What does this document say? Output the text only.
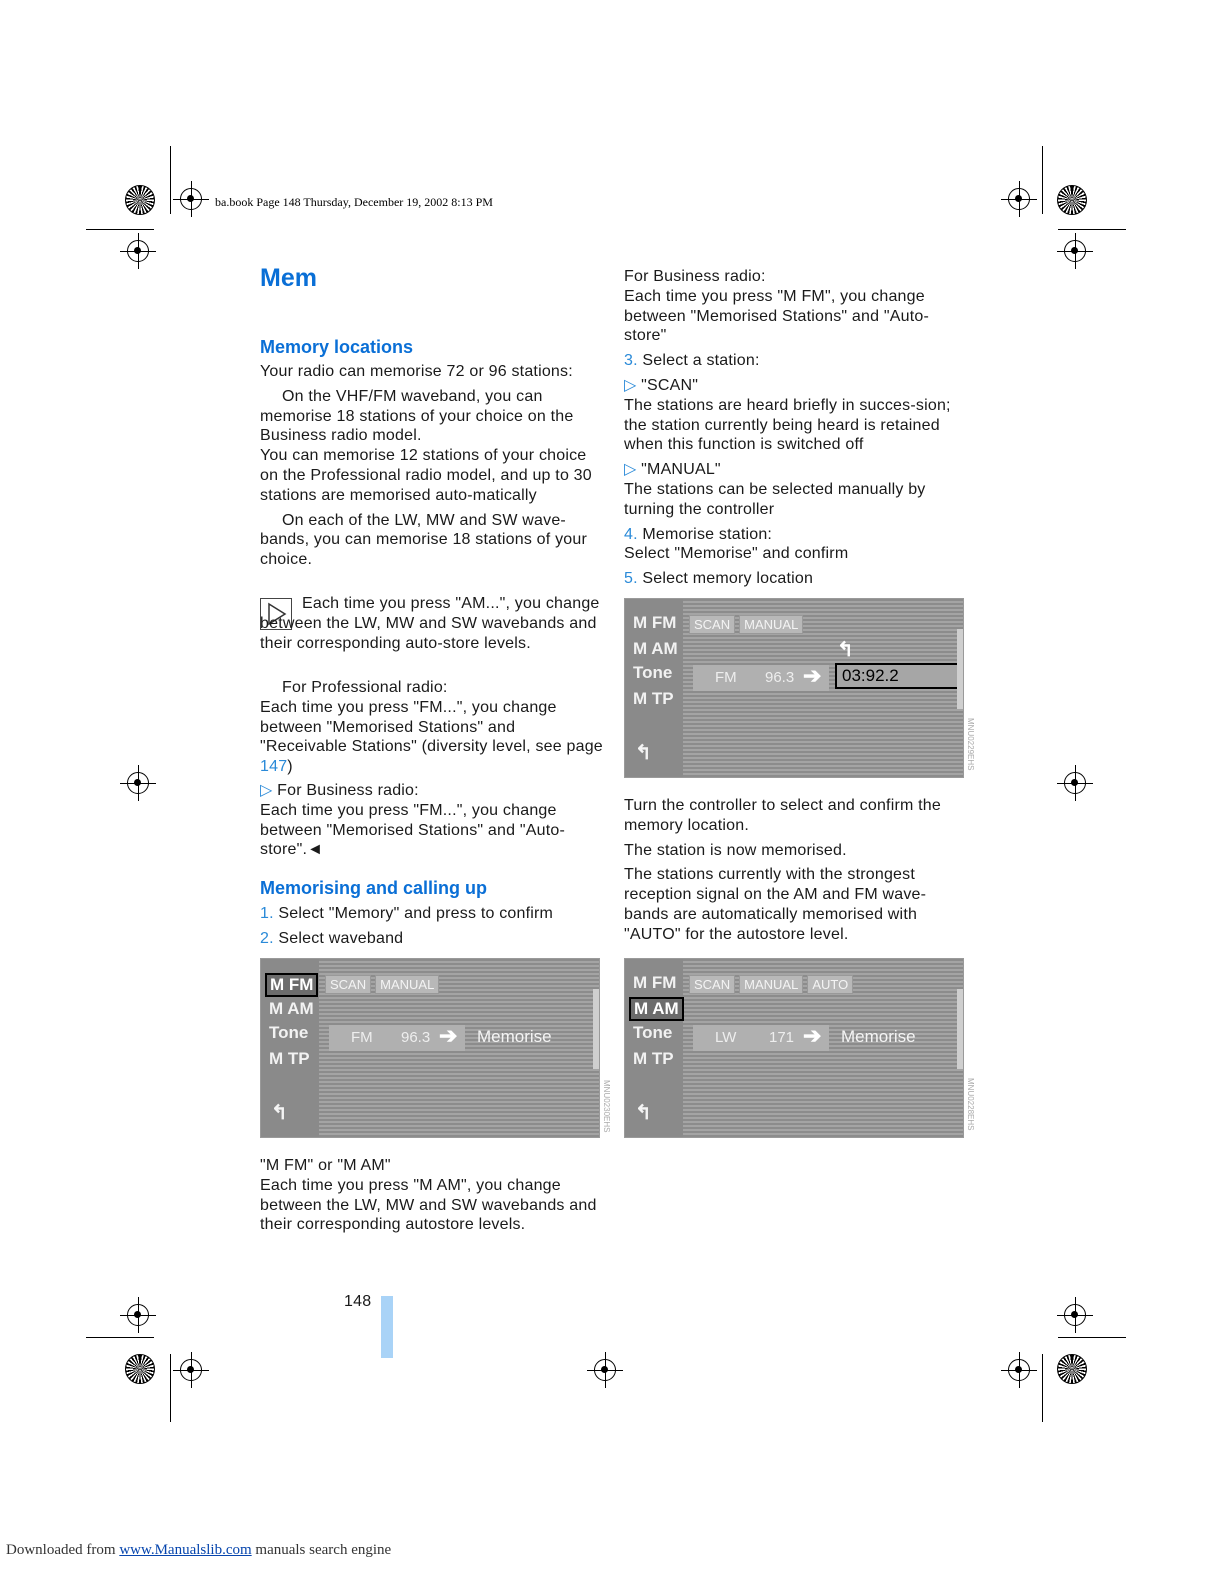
ba.book Page 148 Thursday, December 19, 2002 8:13 PM
Mem
Memory locations

Your radio can memorise 72 or 96 stations:

On the VHF/FM waveband, you can memorise 18 stations of your choice on the Business radio model.

You can memorise 12 stations of your choice on the Professional radio model, and up to 30 stations are memorised auto-matically

On each of the LW, MW and SW wave-bands, you can memorise 18 stations of your choice.

Each time you press "AM...", you change between the LW, MW and SW wavebands and their corresponding auto-store levels.

For Professional radio:

Each time you press "FM...", you change between "Memorised Stations" and "Receivable Stations" (diversity level, see page 147)

▷ For Business radio:

Each time you press "FM...", you change between "Memorised Stations" and "Auto-store".◄

Memorising and calling up

1. Select "Memory" and press to confirm

2. Select waveband

M FM
M AM
Tone
M TP
SCAN	MANUAL
FM 96.3 ➔ Memorise
↰	MNU0230EHS

"M FM" or "M AM"

Each time you press "M AM", you change between the LW, MW and SW wavebands and their corresponding autostore levels.

For Business radio:

Each time you press "M FM", you change between "Memorised Stations" and "Auto-store"

3. Select a station:

▷ "SCAN"

The stations are heard briefly in succes-sion; the station currently being heard is retained when this function is switched off

▷ "MANUAL"

The stations can be selected manually by turning the controller

4. Memorise station:

Select "Memorise" and confirm

5. Select memory location

M FM
M AM
Tone
M TP
SCAN	MANUAL
↰
FM 96.3 ➔	03:92.2
↰	MNU0229EHS

Turn the controller to select and confirm the memory location.

The station is now memorised.

The stations currently with the strongest reception signal on the AM and FM wave-bands are automatically memorised with "AUTO" for the autostore level.

M FM
M AM
Tone
M TP
SCAN	MANUAL	AUTO
LW 171 ➔ Memorise
↰	MNU0228EHS
148
Downloaded from www.Manualslib.com manuals search engine
